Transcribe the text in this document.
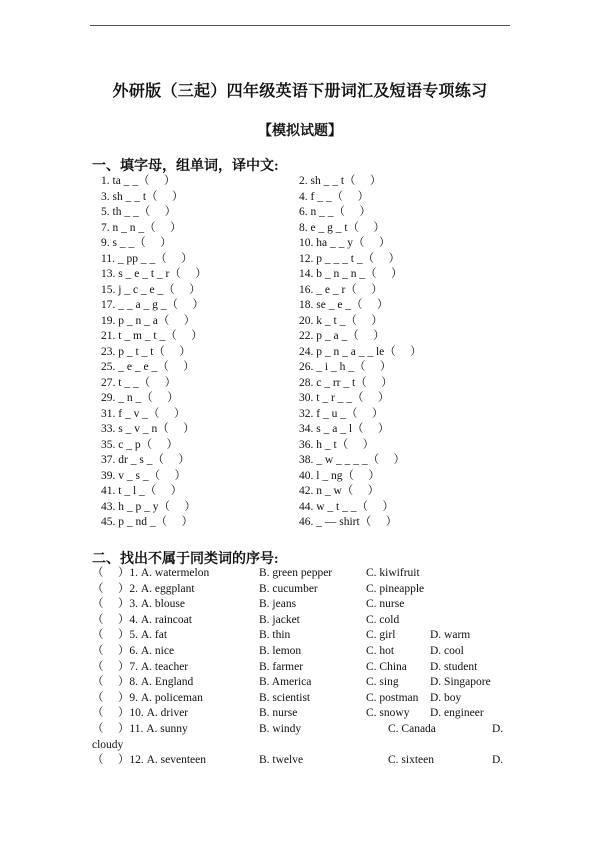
外研版（三起）四年级英语下册词汇及短语专项练习
【模拟试题】
一、填字母，组单词，译中文:
1. ta _ _（     ）	2. sh _ _ t（     ）
3. sh _ _ t（     ）	4. f _ _（     ）
5. th _ _（     ）	6. n _ _（     ）
7. n _ n _（     ）	8. e _ g _ t（     ）
9. s _ _（     ）	10. ha _ _ y（     ）
11. _ pp _ _（     ）	12. p _ _ _ t _（     ）
13. s _ e _ t _ r（     ）	14. b _ n _ n _（     ）
15. j _ c _ e _（     ）	16. _ e _ r（     ）
17. _ _ a _ g _（     ）	18. se _ e _（     ）
19. p _ n _ a（     ）	20. k _ t _（     ）
21. t _ m _ t _（     ）	22. p _ a _（     ）
23. p _ t _ t（     ）	24. p _ n _ a _ _ le（     ）
25. _ e _ e _（     ）	26. _ i _ h _（     ）
27. t _ _（     ）	28. c _ rr _ t（     ）
29. _ n _（     ）	30. t _ r _ _（     ）
31. f _ v _（     ）	32. f _ u _（     ）
33. s _ v _ n（     ）	34. s _ a _ l（     ）
35. c _ p（     ）	36. h _ t（     ）
37. dr _ s _（     ）	38. _ w _ _ _ _（     ）
39. v _ s _（     ）	40. l _ ng（     ）
41. t _ l _（     ）	42. n _ w（     ）
43. h _ p _ y（     ）	44. w _ t _ _（     ）
45. p _ nd _（     ）	46. _ — shirt（     ）
二、找出不属于同类词的序号:
（     ）1. A. watermelon	B. green pepper	C. kiwifruit
（     ）2. A. eggplant	B. cucumber	C. pineapple
（     ）3. A. blouse	B. jeans	C. nurse
（     ）4. A. raincoat	B. jacket	C. cold
（     ）5. A. fat	B. thin	C. girl	D. warm
（     ）6. A. nice	B. lemon	C. hot	D. cool
（     ）7. A. teacher	B. farmer	C. China D. student
（     ）8. A. England	B. America	C. sing	D. Singapore
（     ）9. A. policeman	B. scientist	C. postman D. boy
（     ）10. A. driver	B. nurse	C. snowy D. engineer
（     ）11. A. sunny	B. windy	C. Canada	D.
cloudy
（     ）12. A. seventeen	B. twelve	C. sixteen	D.
